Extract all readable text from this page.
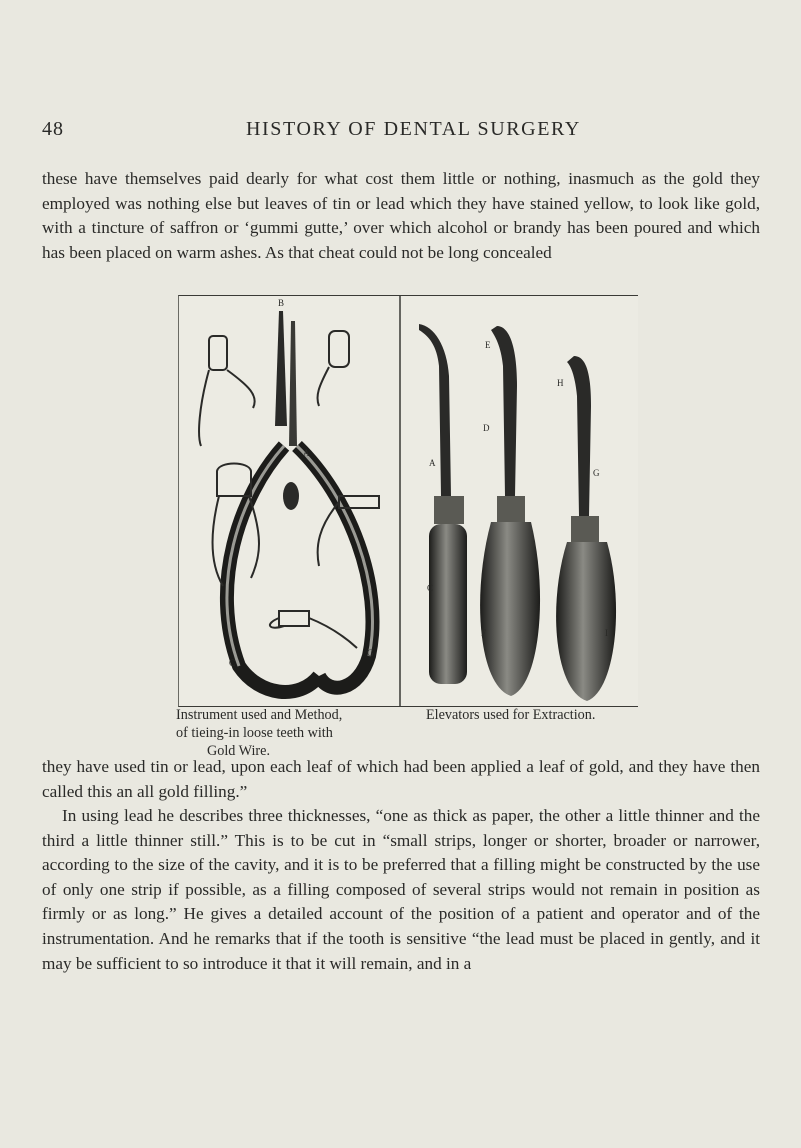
48	HISTORY OF DENTAL SURGERY

these have themselves paid dearly for what cost them little or nothing, inasmuch as the gold they employed was nothing else but leaves of tin or lead which they have stained yellow, to look like gold, with a tincture of saffron or ‘gummi gutte,’ over which alcohol or brandy has been poured and which has been placed on warm ashes. As that cheat could not be long concealed

B
A
C
G
A
C
D
E
F
G
H
I

Instrument used and Method,
of tieing-in loose teeth with
Gold Wire.

Elevators used for Extraction.

they have used tin or lead, upon each leaf of which had been applied a leaf of gold, and they have then called this an all gold filling.”

In using lead he describes three thicknesses, “one as thick as paper, the other a little thinner and the third a little thinner still.” This is to be cut in “small strips, longer or shorter, broader or narrower, according to the size of the cavity, and it is to be preferred that a filling might be constructed by the use of only one strip if possible, as a filling composed of several strips would not remain in position as firmly or as long.” He gives a detailed account of the position of a patient and operator and of the instrumentation. And he remarks that if the tooth is sensitive “the lead must be placed in gently, and it may be sufficient to so introduce it that it will remain, and in a
